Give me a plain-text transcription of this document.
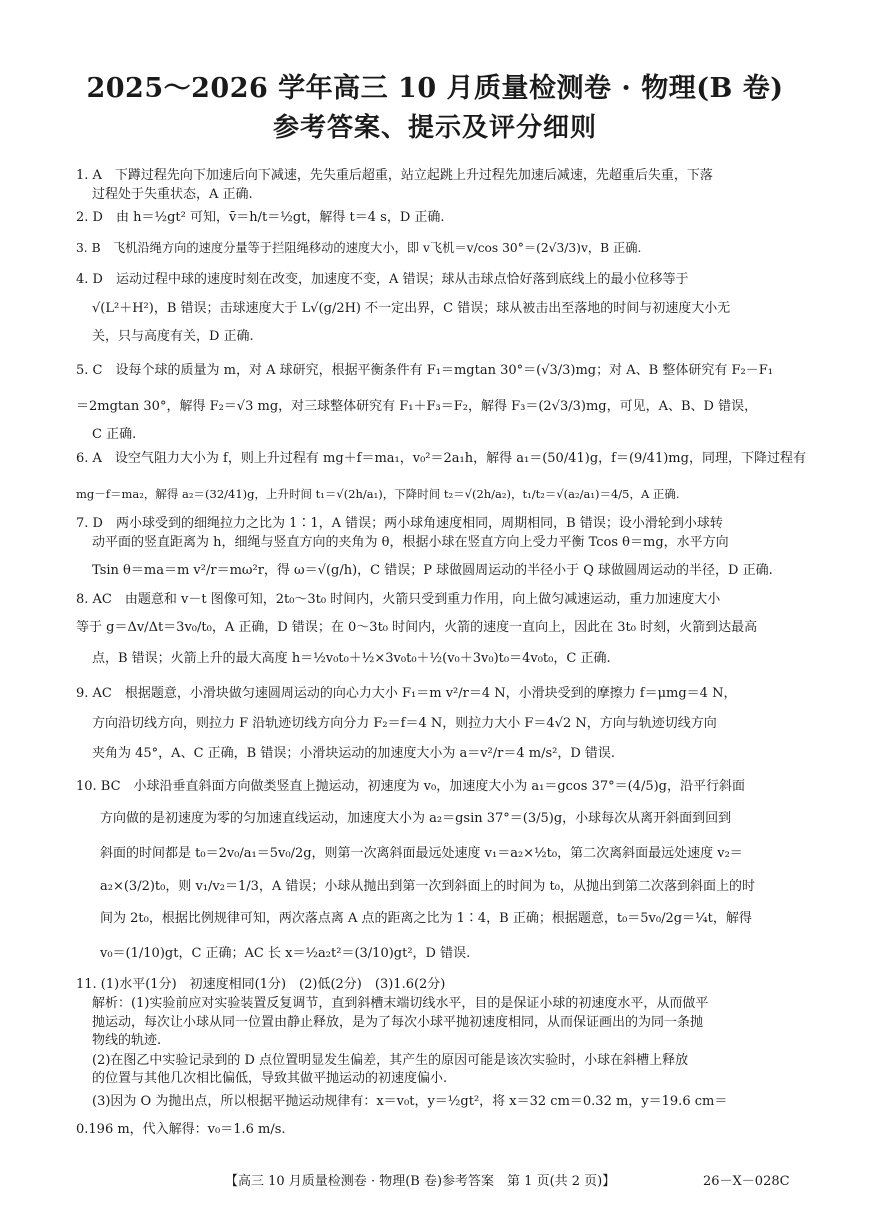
2025～2026 学年高三 10 月质量检测卷 · 物理(B 卷)
参考答案、提示及评分细则
1. A　下蹲过程先向下加速后向下减速，先失重后超重，站立起跳上升过程先加速后减速，先超重后失重，下落
过程处于失重状态，A 正确.
2. D　由 h＝½gt² 可知，v̄＝h/t＝½gt，解得 t＝4 s，D 正确.
3. B　飞机沿绳方向的速度分量等于拦阻绳移动的速度大小，即 v飞机＝v/cos 30°＝(2√3/3)v，B 正确.
4. D　运动过程中球的速度时刻在改变，加速度不变，A 错误；球从击球点恰好落到底线上的最小位移等于
√(L²＋H²)，B 错误；击球速度大于 L√(g/2H) 不一定出界，C 错误；球从被击出至落地的时间与初速度大小无
关，只与高度有关，D 正确.
5. C　设每个球的质量为 m，对 A 球研究，根据平衡条件有 F₁＝mgtan 30°＝(√3/3)mg；对 A、B 整体研究有 F₂－F₁
＝2mgtan 30°，解得 F₂＝√3 mg，对三球整体研究有 F₁＋F₃＝F₂，解得 F₃＝(2√3/3)mg，可见，A、B、D 错误，
C 正确.
6. A　设空气阻力大小为 f，则上升过程有 mg＋f＝ma₁，v₀²＝2a₁h，解得 a₁＝(50/41)g，f＝(9/41)mg，同理，下降过程有
mg－f＝ma₂，解得 a₂＝(32/41)g，上升时间 t₁＝√(2h/a₁)，下降时间 t₂＝√(2h/a₂)，t₁/t₂＝√(a₂/a₁)＝4/5，A 正确.
7. D　两小球受到的细绳拉力之比为 1∶1，A 错误；两小球角速度相同，周期相同，B 错误；设小滑轮到小球转
动平面的竖直距离为 h，细绳与竖直方向的夹角为 θ，根据小球在竖直方向上受力平衡 Tcos θ＝mg，水平方向
Tsin θ＝ma＝m v²/r＝mω²r，得 ω＝√(g/h)，C 错误；P 球做圆周运动的半径小于 Q 球做圆周运动的半径，D 正确.
8. AC　由题意和 v－t 图像可知，2t₀～3t₀ 时间内，火箭只受到重力作用，向上做匀减速运动，重力加速度大小
等于 g＝Δv/Δt＝3v₀/t₀，A 正确，D 错误；在 0～3t₀ 时间内，火箭的速度一直向上，因此在 3t₀ 时刻，火箭到达最高
点，B 错误；火箭上升的最大高度 h＝½v₀t₀＋½×3v₀t₀＋½(v₀＋3v₀)t₀＝4v₀t₀，C 正确.
9. AC　根据题意，小滑块做匀速圆周运动的向心力大小 F₁＝m v²/r＝4 N，小滑块受到的摩擦力 f＝μmg＝4 N，
方向沿切线方向，则拉力 F 沿轨迹切线方向分力 F₂＝f＝4 N，则拉力大小 F＝4√2 N，方向与轨迹切线方向
夹角为 45°，A、C 正确，B 错误；小滑块运动的加速度大小为 a＝v²/r＝4 m/s²，D 错误.
10. BC　小球沿垂直斜面方向做类竖直上抛运动，初速度为 v₀，加速度大小为 a₁＝gcos 37°＝(4/5)g，沿平行斜面
方向做的是初速度为零的匀加速直线运动，加速度大小为 a₂＝gsin 37°＝(3/5)g，小球每次从离开斜面到回到
斜面的时间都是 t₀＝2v₀/a₁＝5v₀/2g，则第一次离斜面最远处速度 v₁＝a₂×½t₀，第二次离斜面最远处速度 v₂＝
a₂×(3/2)t₀，则 v₁/v₂＝1/3，A 错误；小球从抛出到第一次到斜面上的时间为 t₀，从抛出到第二次落到斜面上的时
间为 2t₀，根据比例规律可知，两次落点离 A 点的距离之比为 1∶4，B 正确；根据题意，t₀＝5v₀/2g＝¼t，解得
v₀＝(1/10)gt，C 正确；AC 长 x＝½a₂t²＝(3/10)gt²，D 错误.
11. (1)水平(1分)　初速度相同(1分)　(2)低(2分)　(3)1.6(2分)
解析：(1)实验前应对实验装置反复调节，直到斜槽末端切线水平，目的是保证小球的初速度水平，从而做平
抛运动，每次让小球从同一位置由静止释放，是为了每次小球平抛初速度相同，从而保证画出的为同一条抛
物线的轨迹.
(2)在图乙中实验记录到的 D 点位置明显发生偏差，其产生的原因可能是该次实验时，小球在斜槽上释放
的位置与其他几次相比偏低，导致其做平抛运动的初速度偏小.
(3)因为 O 为抛出点，所以根据平抛运动规律有：x＝v₀t，y＝½gt²，将 x＝32 cm＝0.32 m，y＝19.6 cm＝
0.196 m，代入解得：v₀＝1.6 m/s.
【高三 10 月质量检测卷 · 物理(B 卷)参考答案　第 1 页(共 2 页)】	26－X－028C
